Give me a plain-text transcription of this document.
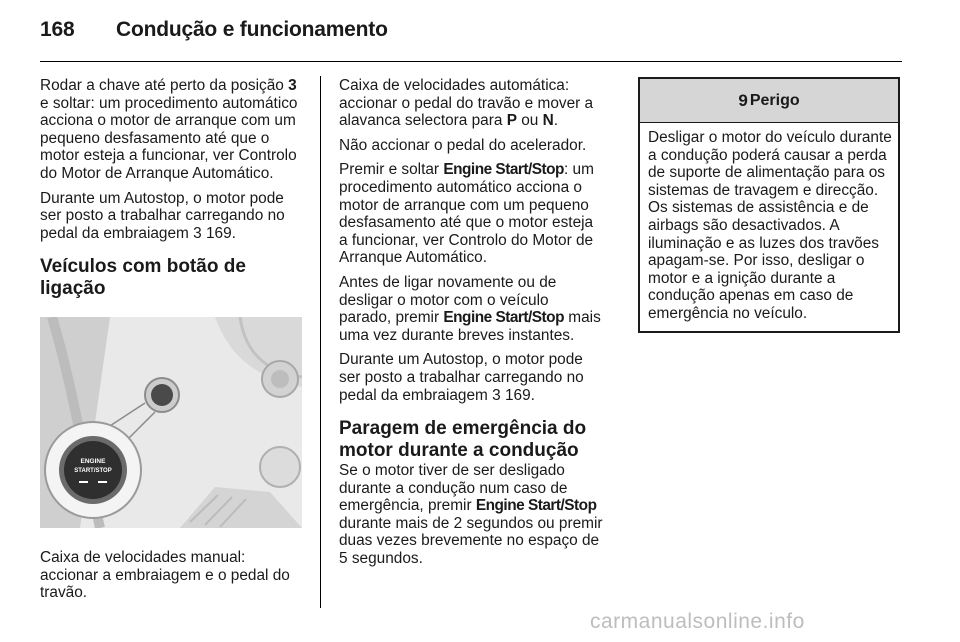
168 Condução e funcionamento

Rodar a chave até perto da posição 3 e soltar: um procedimento automático acciona o motor de arranque com um pequeno desfasamento até que o motor esteja a funcionar, ver Controlo do Motor de Arranque Automático.

Durante um Autostop, o motor pode ser posto a trabalhar carregando no pedal da embraiagem 3 169.

Veículos com botão de ligação
ENGINE
START/STOP

Caixa de velocidades manual: accionar a embraiagem e o pedal do travão.

Caixa de velocidades automática: accionar o pedal do travão e mover a alavanca selectora para P ou N.

Não accionar o pedal do acelerador.

Premir e soltar Engine Start/Stop: um procedimento automático acciona o motor de arranque com um pequeno desfasamento até que o motor esteja a funcionar, ver Controlo do Motor de Arranque Automático.

Antes de ligar novamente ou de desligar o motor com o veículo parado, premir Engine Start/Stop mais uma vez durante breves instantes.

Durante um Autostop, o motor pode ser posto a trabalhar carregando no pedal da embraiagem 3 169.

Paragem de emergência do motor durante a condução

Se o motor tiver de ser desligado durante a condução num caso de emergência, premir Engine Start/Stop durante mais de 2 segundos ou premir duas vezes brevemente no espaço de 5 segundos.

9 Perigo
Desligar o motor do veículo durante a condução poderá causar a perda de suporte de alimentação para os sistemas de travagem e direcção. Os sistemas de assistência e de airbags são desactivados. A iluminação e as luzes dos travões apagam-se. Por isso, desligar o motor e a ignição durante a condução apenas em caso de emergência no veículo.
carmanualsonline.info
